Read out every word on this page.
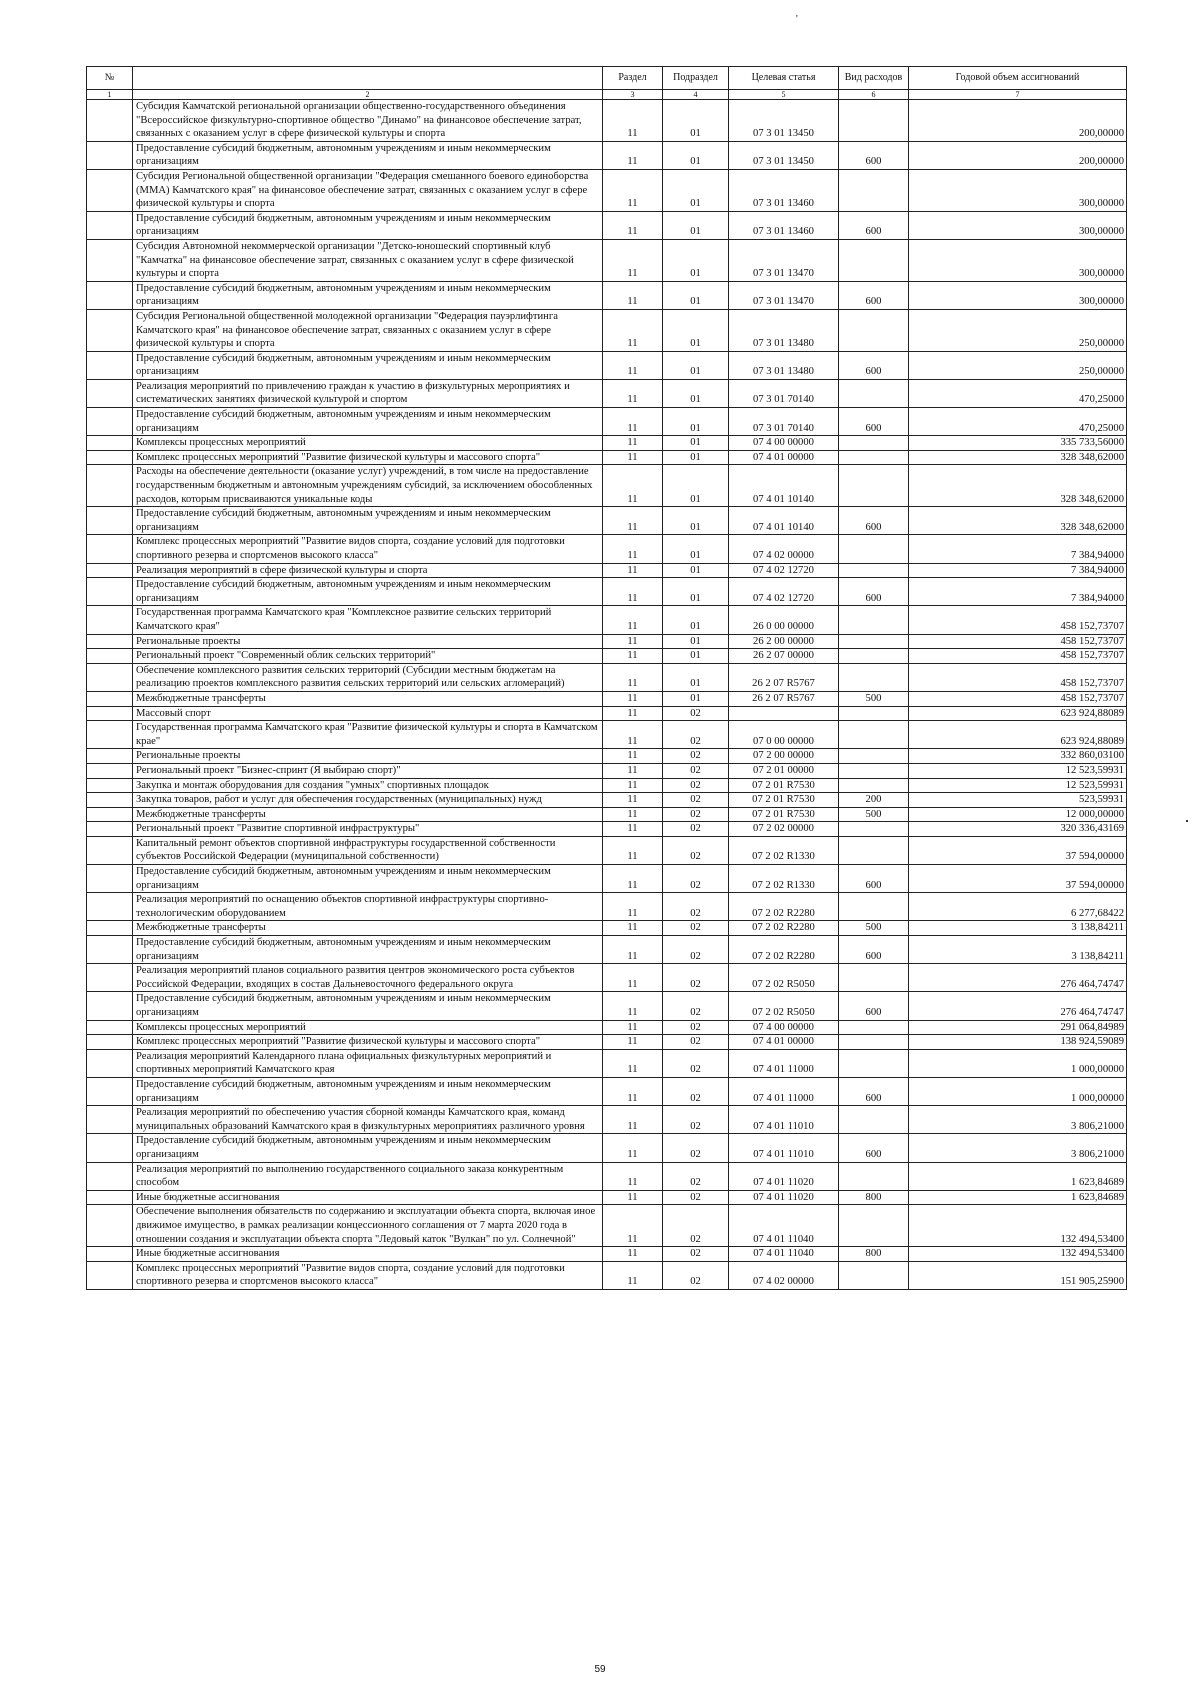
'
№		Раздел	Подраздел	Целевая статья	Вид расходов	Годовой объем ассигнований
1	2	3	4	5	6	7
	Субсидия Камчатской региональной организации общественно-государственного объединения "Всероссийское физкультурно-спортивное общество "Динамо" на финансовое обеспечение затрат, связанных с оказанием услуг в сфере физической культуры и спорта	11	01	07 3 01 13450		200,00000
	Предоставление субсидий бюджетным, автономным учреждениям и иным некоммерческим организациям	11	01	07 3 01 13450	600	200,00000
	Субсидия Региональной общественной организации "Федерация смешанного боевого единоборства (ММА) Камчатского края" на финансовое обеспечение затрат, связанных с оказанием услуг в сфере физической культуры и спорта	11	01	07 3 01 13460		300,00000
	Предоставление субсидий бюджетным, автономным учреждениям и иным некоммерческим организациям	11	01	07 3 01 13460	600	300,00000
	Субсидия Автономной некоммерческой организации "Детско-юношеский спортивный клуб "Камчатка" на финансовое обеспечение затрат, связанных с оказанием услуг в сфере физической культуры и спорта	11	01	07 3 01 13470		300,00000
	Предоставление субсидий бюджетным, автономным учреждениям и иным некоммерческим организациям	11	01	07 3 01 13470	600	300,00000
	Субсидия Региональной общественной молодежной организации "Федерация пауэрлифтинга Камчатского края" на финансовое обеспечение затрат, связанных с оказанием услуг в сфере физической культуры и спорта	11	01	07 3 01 13480		250,00000
	Предоставление субсидий бюджетным, автономным учреждениям и иным некоммерческим организациям	11	01	07 3 01 13480	600	250,00000
	Реализация мероприятий по привлечению граждан к участию в физкультурных мероприятиях и систематических занятиях физической культурой и спортом	11	01	07 3 01 70140		470,25000
	Предоставление субсидий бюджетным, автономным учреждениям и иным некоммерческим организациям	11	01	07 3 01 70140	600	470,25000
	Комплексы процессных мероприятий	11	01	07 4 00 00000		335 733,56000
	Комплекс процессных мероприятий "Развитие физической культуры и массового спорта"	11	01	07 4 01 00000		328 348,62000
	Расходы на обеспечение деятельности (оказание услуг) учреждений, в том числе на предоставление государственным бюджетным и автономным учреждениям субсидий, за исключением обособленных расходов, которым присваиваются уникальные коды	11	01	07 4 01 10140		328 348,62000
	Предоставление субсидий бюджетным, автономным учреждениям и иным некоммерческим организациям	11	01	07 4 01 10140	600	328 348,62000
	Комплекс процессных мероприятий "Развитие видов спорта, создание условий для подготовки спортивного резерва и спортсменов высокого класса"	11	01	07 4 02 00000		7 384,94000
	Реализация мероприятий в сфере физической культуры и спорта	11	01	07 4 02 12720		7 384,94000
	Предоставление субсидий бюджетным, автономным учреждениям и иным некоммерческим организациям	11	01	07 4 02 12720	600	7 384,94000
	Государственная программа Камчатского края "Комплексное развитие сельских территорий Камчатского края"	11	01	26 0 00 00000		458 152,73707
	Региональные проекты	11	01	26 2 00 00000		458 152,73707
	Региональный проект "Современный облик сельских территорий"	11	01	26 2 07 00000		458 152,73707
	Обеспечение комплексного развития сельских территорий (Субсидии местным бюджетам на реализацию проектов комплексного развития сельских территорий или сельских агломераций)	11	01	26 2 07 R5767		458 152,73707
	Межбюджетные трансферты	11	01	26 2 07 R5767	500	458 152,73707
	Массовый спорт	11	02			623 924,88089
	Государственная программа Камчатского края "Развитие физической культуры и спорта в Камчатском крае"	11	02	07 0 00 00000		623 924,88089
	Региональные проекты	11	02	07 2 00 00000		332 860,03100
	Региональный проект "Бизнес-спринт (Я выбираю спорт)"	11	02	07 2 01 00000		12 523,59931
	Закупка и монтаж оборудования для создания "умных" спортивных площадок	11	02	07 2 01 R7530		12 523,59931
	Закупка товаров, работ и услуг для обеспечения государственных (муниципальных) нужд	11	02	07 2 01 R7530	200	523,59931
	Межбюджетные трансферты	11	02	07 2 01 R7530	500	12 000,00000
	Региональный проект "Развитие спортивной инфраструктуры"	11	02	07 2 02 00000		320 336,43169
	Капитальный ремонт объектов спортивной инфраструктуры государственной собственности субъектов Российской Федерации (муниципальной собственности)	11	02	07 2 02 R1330		37 594,00000
	Предоставление субсидий бюджетным, автономным учреждениям и иным некоммерческим организациям	11	02	07 2 02 R1330	600	37 594,00000
	Реализация мероприятий по оснащению объектов спортивной инфраструктуры спортивно-технологическим оборудованием	11	02	07 2 02 R2280		6 277,68422
	Межбюджетные трансферты	11	02	07 2 02 R2280	500	3 138,84211
	Предоставление субсидий бюджетным, автономным учреждениям и иным некоммерческим организациям	11	02	07 2 02 R2280	600	3 138,84211
	Реализация мероприятий планов социального развития центров экономического роста субъектов Российской Федерации, входящих в состав Дальневосточного федерального округа	11	02	07 2 02 R5050		276 464,74747
	Предоставление субсидий бюджетным, автономным учреждениям и иным некоммерческим организациям	11	02	07 2 02 R5050	600	276 464,74747
	Комплексы процессных мероприятий	11	02	07 4 00 00000		291 064,84989
	Комплекс процессных мероприятий "Развитие физической культуры и массового спорта"	11	02	07 4 01 00000		138 924,59089
	Реализация мероприятий Календарного плана официальных физкультурных мероприятий и спортивных мероприятий Камчатского края	11	02	07 4 01 11000		1 000,00000
	Предоставление субсидий бюджетным, автономным учреждениям и иным некоммерческим организациям	11	02	07 4 01 11000	600	1 000,00000
	Реализация мероприятий по обеспечению участия сборной команды Камчатского края, команд муниципальных образований Камчатского края в физкультурных мероприятиях различного уровня	11	02	07 4 01 11010		3 806,21000
	Предоставление субсидий бюджетным, автономным учреждениям и иным некоммерческим организациям	11	02	07 4 01 11010	600	3 806,21000
	Реализация мероприятий по выполнению государственного социального заказа конкурентным способом	11	02	07 4 01 11020		1 623,84689
	Иные бюджетные ассигнования	11	02	07 4 01 11020	800	1 623,84689
	Обеспечение выполнения обязательств по содержанию и эксплуатации объекта спорта, включая иное движимое имущество, в рамках реализации концессионного соглашения от 7 марта 2020 года в отношении создания и эксплуатации объекта спорта "Ледовый каток "Вулкан" по ул. Солнечной"	11	02	07 4 01 11040		132 494,53400
	Иные бюджетные ассигнования	11	02	07 4 01 11040	800	132 494,53400
	Комплекс процессных мероприятий "Развитие видов спорта, создание условий для подготовки спортивного резерва и спортсменов высокого класса"	11	02	07 4 02 00000		151 905,25900
59
